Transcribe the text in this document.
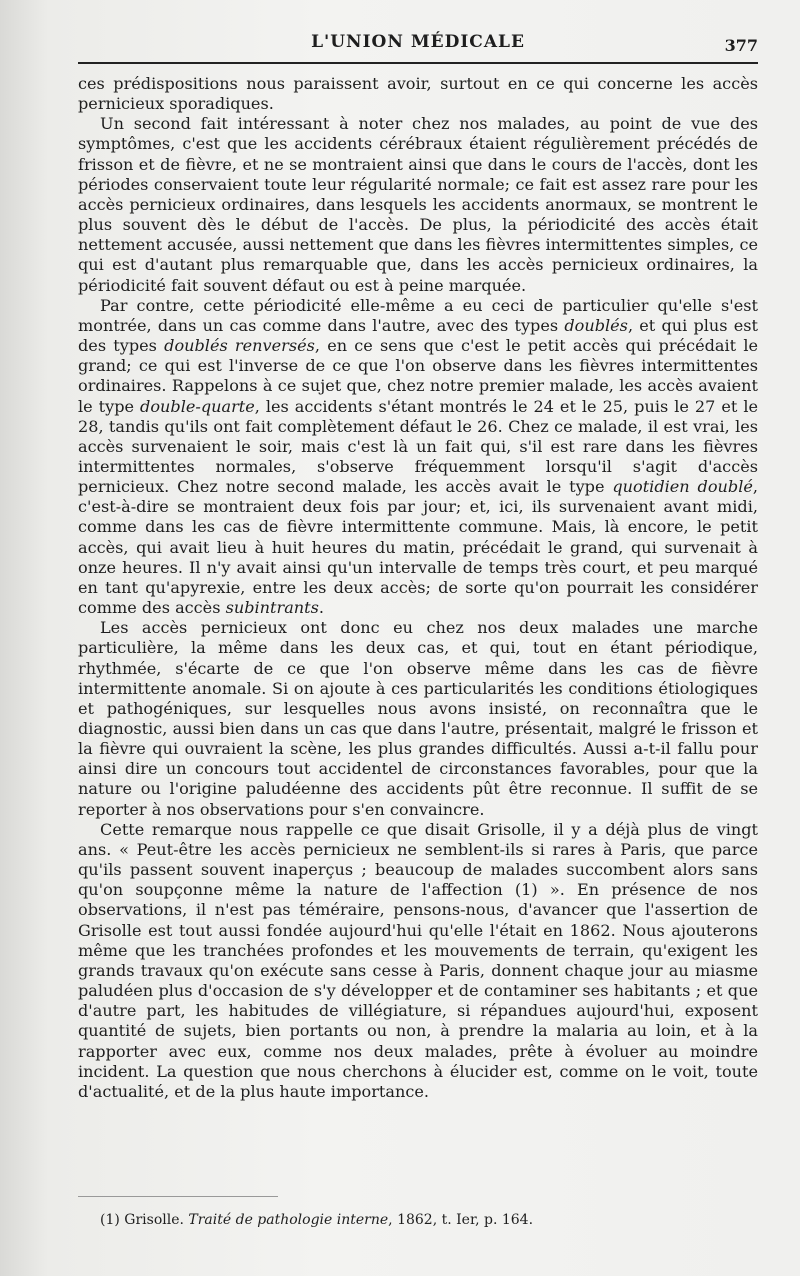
L'UNION MÉDICALE	377

ces prédispositions nous paraissent avoir, surtout en ce qui concerne les accès pernicieux sporadiques.

Un second fait intéressant à noter chez nos malades, au point de vue des symptômes, c'est que les accidents cérébraux étaient régulièrement précédés de frisson et de fièvre, et ne se montraient ainsi que dans le cours de l'accès, dont les périodes conservaient toute leur régularité normale; ce fait est assez rare pour les accès pernicieux ordinaires, dans lesquels les accidents anormaux, se montrent le plus souvent dès le début de l'accès. De plus, la périodicité des accès était nettement accusée, aussi nettement que dans les fièvres intermittentes simples, ce qui est d'autant plus remarquable que, dans les accès pernicieux ordinaires, la périodicité fait souvent défaut ou est à peine marquée.

Par contre, cette périodicité elle-même a eu ceci de particulier qu'elle s'est montrée, dans un cas comme dans l'autre, avec des types doublés, et qui plus est des types doublés renversés, en ce sens que c'est le petit accès qui précédait le grand; ce qui est l'inverse de ce que l'on observe dans les fièvres intermittentes ordinaires. Rappelons à ce sujet que, chez notre premier malade, les accès avaient le type double-quarte, les accidents s'étant montrés le 24 et le 25, puis le 27 et le 28, tandis qu'ils ont fait complètement défaut le 26. Chez ce malade, il est vrai, les accès survenaient le soir, mais c'est là un fait qui, s'il est rare dans les fièvres intermittentes normales, s'observe fréquemment lorsqu'il s'agit d'accès pernicieux. Chez notre second malade, les accès avait le type quotidien doublé, c'est-à-dire se montraient deux fois par jour; et, ici, ils survenaient avant midi, comme dans les cas de fièvre intermittente commune. Mais, là encore, le petit accès, qui avait lieu à huit heures du matin, précédait le grand, qui survenait à onze heures. Il n'y avait ainsi qu'un intervalle de temps très court, et peu marqué en tant qu'apyrexie, entre les deux accès; de sorte qu'on pourrait les considérer comme des accès subintrants.

Les accès pernicieux ont donc eu chez nos deux malades une marche particulière, la même dans les deux cas, et qui, tout en étant périodique, rhythmée, s'écarte de ce que l'on observe même dans les cas de fièvre intermittente anomale. Si on ajoute à ces particularités les conditions étiologiques et pathogéniques, sur lesquelles nous avons insisté, on reconnaîtra que le diagnostic, aussi bien dans un cas que dans l'autre, présentait, malgré le frisson et la fièvre qui ouvraient la scène, les plus grandes difficultés. Aussi a-t-il fallu pour ainsi dire un concours tout accidentel de circonstances favorables, pour que la nature ou l'origine paludéenne des accidents pût être reconnue. Il suffit de se reporter à nos observations pour s'en convaincre.

Cette remarque nous rappelle ce que disait Grisolle, il y a déjà plus de vingt ans. « Peut-être les accès pernicieux ne semblent-ils si rares à Paris, que parce qu'ils passent souvent inaperçus ; beaucoup de malades succombent alors sans qu'on soupçonne même la nature de l'affection (1) ». En présence de nos observations, il n'est pas téméraire, pensons-nous, d'avancer que l'assertion de Grisolle est tout aussi fondée aujourd'hui qu'elle l'était en 1862. Nous ajouterons même que les tranchées profondes et les mouvements de terrain, qu'exigent les grands travaux qu'on exécute sans cesse à Paris, donnent chaque jour au miasme paludéen plus d'occasion de s'y développer et de contaminer ses habitants ; et que d'autre part, les habitudes de villégiature, si répandues aujourd'hui, exposent quantité de sujets, bien portants ou non, à prendre la malaria au loin, et à la rapporter avec eux, comme nos deux malades, prête à évoluer au moindre incident. La question que nous cherchons à élucider est, comme on le voit, toute d'actualité, et de la plus haute importance.

(1) Grisolle. Traité de pathologie interne, 1862, t. Ier, p. 164.
